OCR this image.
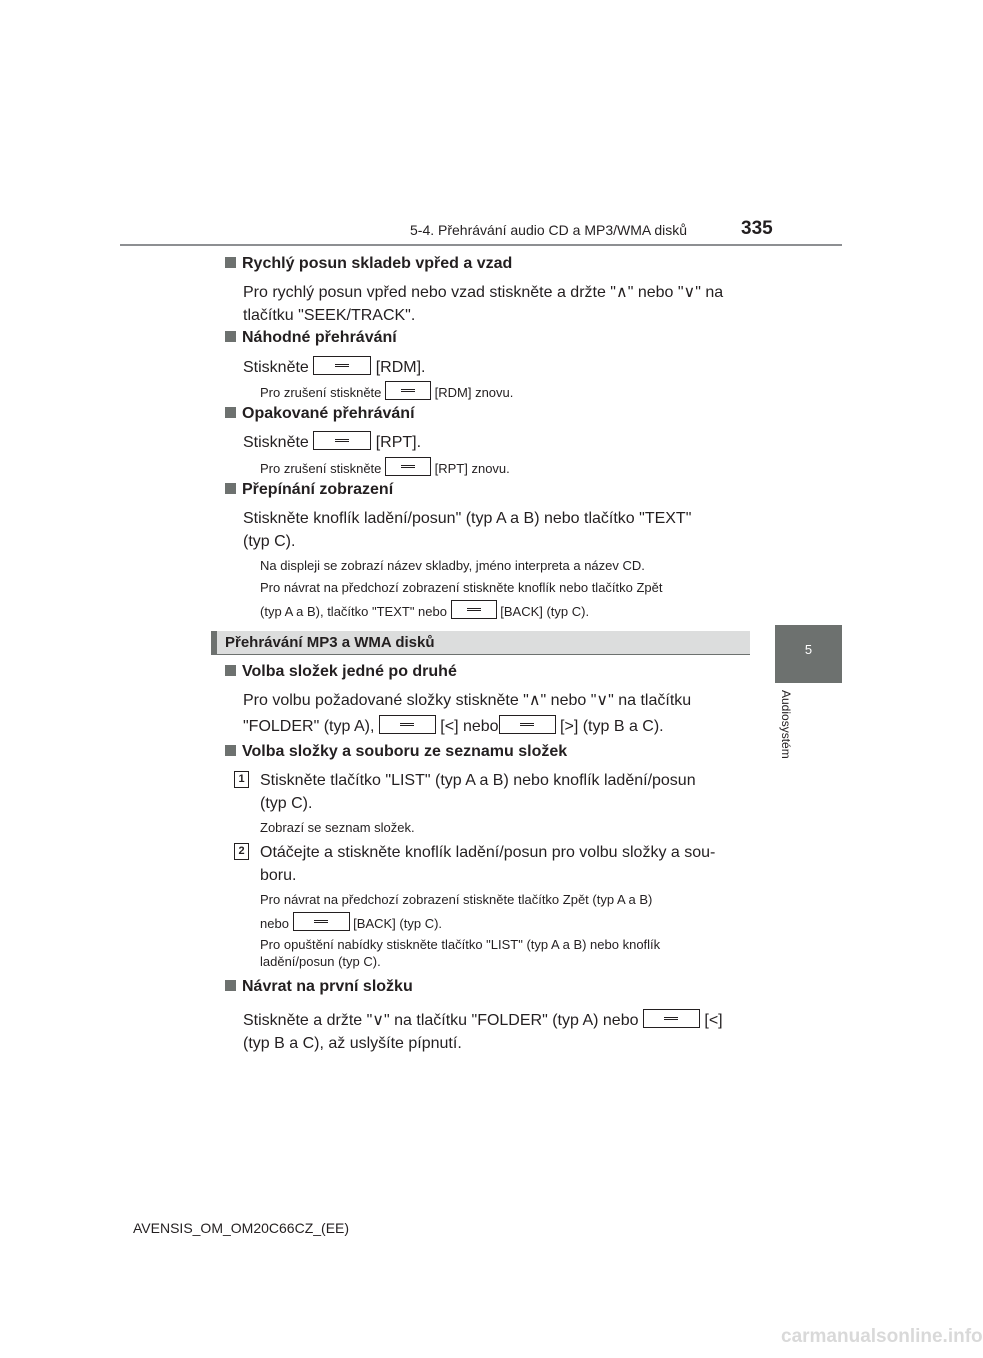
5-4. Přehrávání audio CD a MP3/WMA disků	335
5
Audiosystém
Rychlý posun skladeb vpřed a vzad
Pro rychlý posun vpřed nebo vzad stiskněte a držte "∧" nebo "∨" na
tlačítku "SEEK/TRACK".
Náhodné přehrávání
Stiskněte	[RDM].
Pro zrušení stiskněte	[RDM] znovu.
Opakované přehrávání
Stiskněte	[RPT].
Pro zrušení stiskněte	[RPT] znovu.
Přepínání zobrazení
Stiskněte knoflík ladění/posun" (typ A a B) nebo tlačítko "TEXT"
(typ C).
Na displeji se zobrazí název skladby, jméno interpreta a název CD.
Pro návrat na předchozí zobrazení stiskněte knoflík nebo tlačítko Zpět
(typ A a B), tlačítko "TEXT" nebo	[BACK] (typ C).
Přehrávání MP3 a WMA disků
Volba složek jedné po druhé
Pro volbu požadované složky stiskněte "∧" nebo "∨" na tlačítku
"FOLDER" (typ A),	[<] nebo	[>] (typ B a C).
Volba složky a souboru ze seznamu složek
1 Stiskněte tlačítko "LIST" (typ A a B) nebo knoflík ladění/posun
(typ C).
Zobrazí se seznam složek.
2 Otáčejte a stiskněte knoflík ladění/posun pro volbu složky a sou-
boru.
Pro návrat na předchozí zobrazení stiskněte tlačítko Zpět (typ A a B)
nebo	[BACK] (typ C).
Pro opuštění nabídky stiskněte tlačítko "LIST" (typ A a B) nebo knoflík
ladění/posun (typ C).
Návrat na první složku
Stiskněte a držte "∨" na tlačítku "FOLDER" (typ A) nebo	[<]
(typ B a C), až uslyšíte pípnutí.
AVENSIS_OM_OM20C66CZ_(EE)
carmanualsonline.info
